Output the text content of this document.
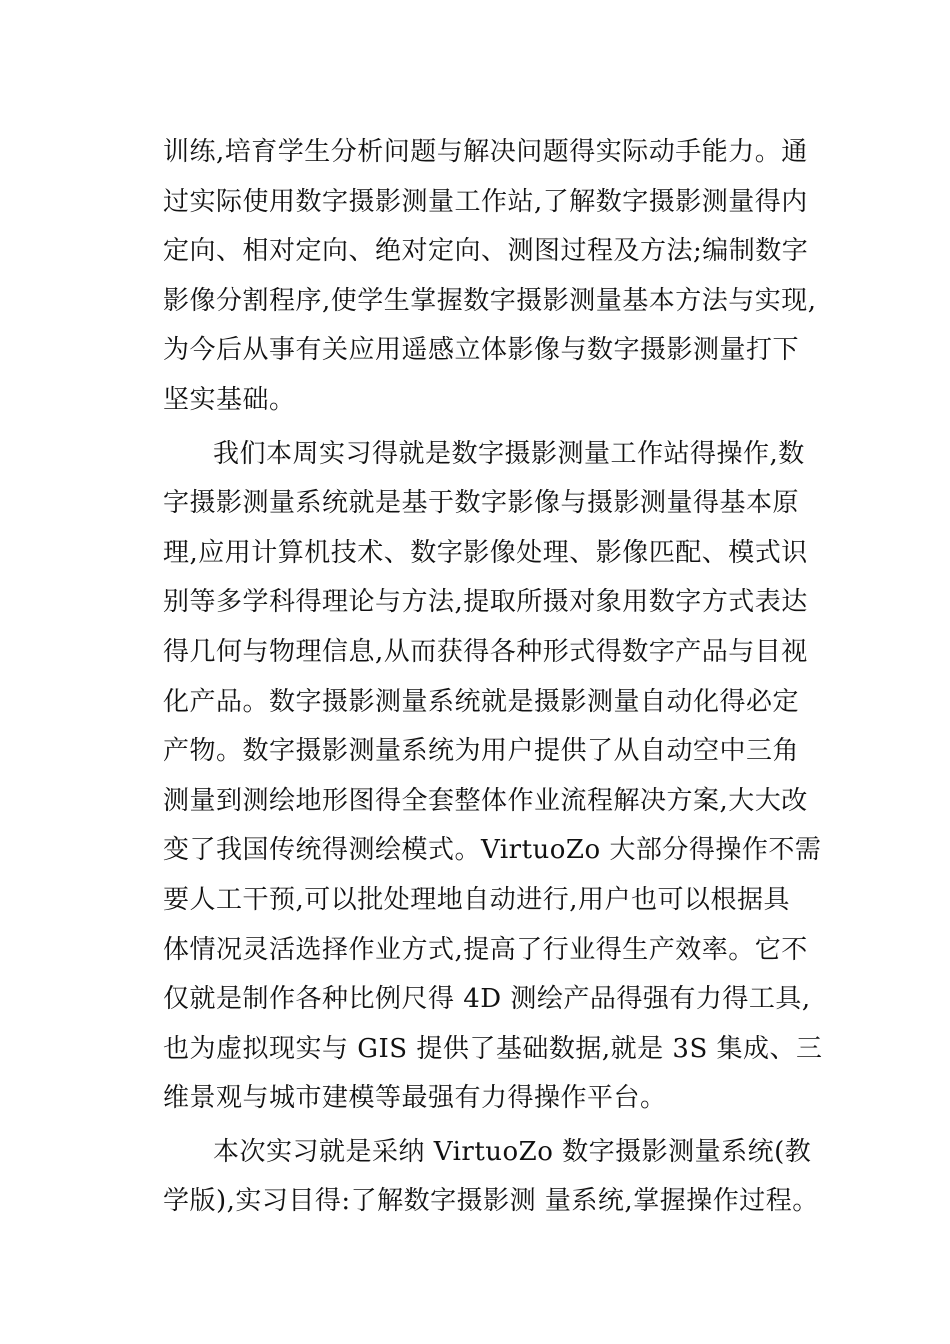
训练,培育学生分析问题与解决问题得实际动手能力。通
过实际使用数字摄影测量工作站,了解数字摄影测量得内
定向、相对定向、绝对定向、测图过程及方法;编制数字
影像分割程序,使学生掌握数字摄影测量基本方法与实现,
为今后从事有关应用遥感立体影像与数字摄影测量打下
坚实基础。
我们本周实习得就是数字摄影测量工作站得操作,数
字摄影测量系统就是基于数字影像与摄影测量得基本原
理,应用计算机技术、数字影像处理、影像匹配、模式识
别等多学科得理论与方法,提取所摄对象用数字方式表达
得几何与物理信息,从而获得各种形式得数字产品与目视
化产品。数字摄影测量系统就是摄影测量自动化得必定
产物。数字摄影测量系统为用户提供了从自动空中三角
测量到测绘地形图得全套整体作业流程解决方案,大大改
变了我国传统得测绘模式。VirtuoZo 大部分得操作不需
要人工干预,可以批处理地自动进行,用户也可以根据具
体情况灵活选择作业方式,提高了行业得生产效率。它不
仅就是制作各种比例尺得 4D 测绘产品得强有力得工具,
也为虚拟现实与 GIS 提供了基础数据,就是 3S 集成、三
维景观与城市建模等最强有力得操作平台。
本次实习就是采纳 VirtuoZo 数字摄影测量系统(教
学版),实习目得:了解数字摄影测 量系统,掌握操作过程。
